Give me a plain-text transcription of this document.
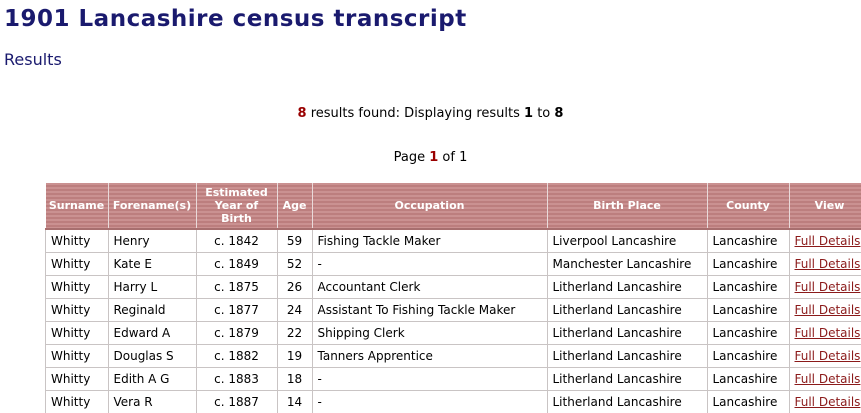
1901 Lancashire census transcript
Results
8 results found: Displaying results 1 to 8
Page 1 of 1
Surname	Forename(s)	Estimated Year of Birth	Age	Occupation	Birth Place	County	View
Whitty	Henry	c. 1842	59	Fishing Tackle Maker	Liverpool Lancashire	Lancashire	Full Details
Whitty	Kate E	c. 1849	52	-	Manchester Lancashire	Lancashire	Full Details
Whitty	Harry L	c. 1875	26	Accountant Clerk	Litherland Lancashire	Lancashire	Full Details
Whitty	Reginald	c. 1877	24	Assistant To Fishing Tackle Maker	Litherland Lancashire	Lancashire	Full Details
Whitty	Edward A	c. 1879	22	Shipping Clerk	Litherland Lancashire	Lancashire	Full Details
Whitty	Douglas S	c. 1882	19	Tanners Apprentice	Litherland Lancashire	Lancashire	Full Details
Whitty	Edith A G	c. 1883	18	-	Litherland Lancashire	Lancashire	Full Details
Whitty	Vera R	c. 1887	14	-	Litherland Lancashire	Lancashire	Full Details
